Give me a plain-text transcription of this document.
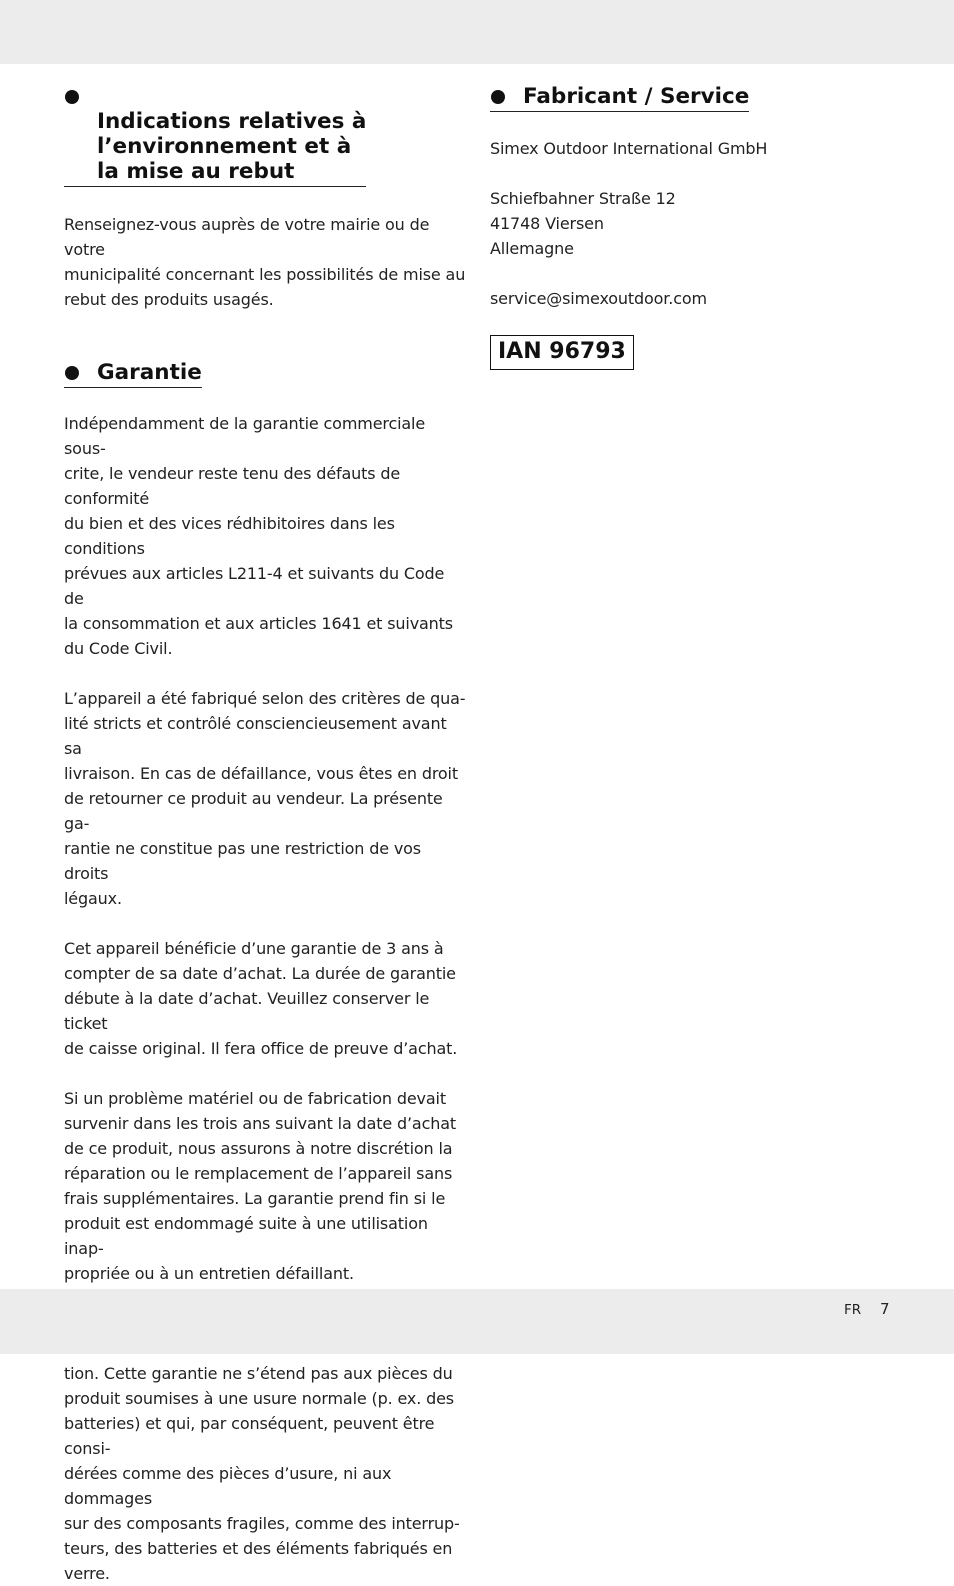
Indications relatives à
l’environnement et à
la mise au rebut

Renseignez-vous auprès de votre mairie ou de votre
municipalité concernant les possibilités de mise au
rebut des produits usagés.

Garantie

Indépendamment de la garantie commerciale sous-
crite, le vendeur reste tenu des défauts de conformité
du bien et des vices rédhibitoires dans les conditions
prévues aux articles L211-4 et suivants du Code de
la consommation et aux articles 1641 et suivants
du Code Civil.

L’appareil a été fabriqué selon des critères de qua-
lité stricts et contrôlé consciencieusement avant sa
livraison. En cas de défaillance, vous êtes en droit
de retourner ce produit au vendeur. La présente ga-
rantie ne constitue pas une restriction de vos droits
légaux.

Cet appareil bénéficie d’une garantie de 3 ans à
compter de sa date d’achat. La durée de garantie
débute à la date d’achat. Veuillez conserver le ticket
de caisse original. Il fera office de preuve d’achat.

Si un problème matériel ou de fabrication devait
survenir dans les trois ans suivant la date d’achat
de ce produit, nous assurons à notre discrétion la
réparation ou le remplacement de l’appareil sans
frais supplémentaires. La garantie prend fin si le
produit est endommagé suite à une utilisation inap-
propriée ou à un entretien défaillant.

tion. Cette garantie ne s’étend pas aux pièces du
produit soumises à une usure normale (p. ex. des
batteries) et qui, par conséquent, peuvent être consi-
dérées comme des pièces d’usure, ni aux dommages
sur des composants fragiles, comme des interrup-
teurs, des batteries et des éléments fabriqués en
verre.

Fabricant / Service

Simex Outdoor International GmbH

Schiefbahner Straße 12
41748 Viersen
Allemagne

service@simexoutdoor.com

IAN 96793
FR 7
